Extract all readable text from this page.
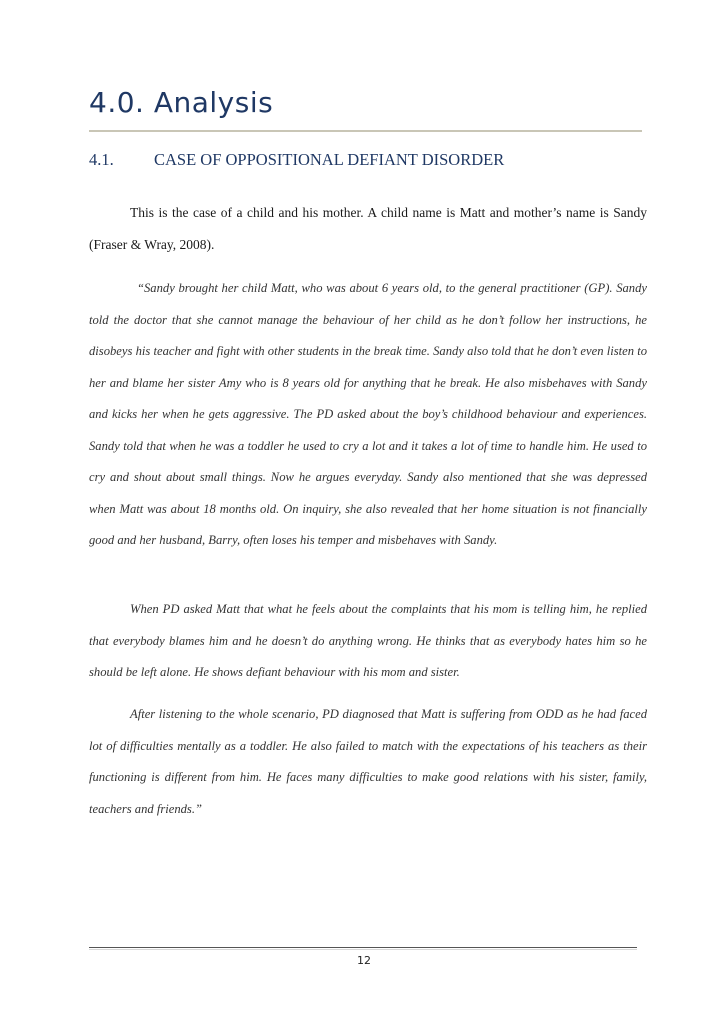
4.0. Analysis
4.1. CASE OF OPPOSITIONAL DEFIANT DISORDER

This is the case of a child and his mother. A child name is Matt and mother’s name is Sandy (Fraser & Wray, 2008).

“Sandy brought her child Matt, who was about 6 years old, to the general practitioner (GP). Sandy told the doctor that she cannot manage the behaviour of her child as he don’t follow her instructions, he disobeys his teacher and fight with other students in the break time. Sandy also told that he don’t even listen to her and blame her sister Amy who is 8 years old for anything that he break. He also misbehaves with Sandy and kicks her when he gets aggressive. The PD asked about the boy’s childhood behaviour and experiences. Sandy told that when he was a toddler he used to cry a lot and it takes a lot of time to handle him. He used to cry and shout about small things. Now he argues everyday. Sandy also mentioned that she was depressed when Matt was about 18 months old. On inquiry, she also revealed that her home situation is not financially good and her husband, Barry, often loses his temper and misbehaves with Sandy.

When PD asked Matt that what he feels about the complaints that his mom is telling him, he replied that everybody blames him and he doesn’t do anything wrong. He thinks that as everybody hates him so he should be left alone. He shows defiant behaviour with his mom and sister.

After listening to the whole scenario, PD diagnosed that Matt is suffering from ODD as he had faced lot of difficulties mentally as a toddler. He also failed to match with the expectations of his teachers as their functioning is different from him. He faces many difficulties to make good relations with his sister, family, teachers and friends.”

12
